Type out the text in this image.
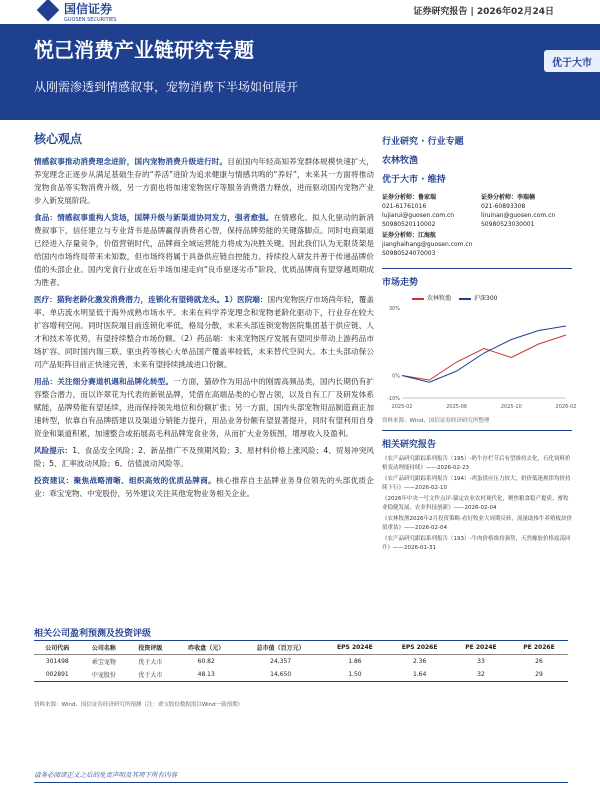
国信证券
GUOSEN SECURITIES
证券研究报告 | 2026年02月24日
悦己消费产业链研究专题
从刚需渗透到情感叙事，宠物消费下半场如何展开
优于大市
核心观点
情感叙事推动消费理念进阶，国内宠物消费升级进行时。目前国内年轻高知养宠群体规模快速扩大，养宠理念正逐步从满足基础生存的“养活”进阶为追求健康与情感共鸣的“养好”，未来其一方面将推动宠物食品等实物消费升级，另一方面也将加速宠物医疗等服务消费潜力释放，进而驱动国内宠物产业步入新发展阶段。
食品：情感叙事重构人货场，国牌升级与新渠道协同发力，强者愈强。在情感化、拟人化驱动的新消费叙事下，信任建立与专业背书是品牌赢得消费者心智，保持品牌势能的关键落脚点。同时电商渠道已经进入存量竞争，价值营销时代，品牌商全域运营能力将成为决胜关键。因此我们认为无限货架是给国内市场终局带来未知数，但市场终将属于具备供应链自控能力、持续投入研发并善于传递品牌价值的头部企业。国内宠食行业或在后半场加速走向“良币驱逐劣币”阶段，优质品牌商有望穿越周期成为胜者。
医疗：猫狗老龄化激发消费潜力，连锁化有望铸就龙头。1）医院端：国内宠物医疗市场尚年轻，覆盖率、单店流水明显低于海外成熟市场水平。未来在科学养宠理念和宠物老龄化驱动下，行业存在较大扩容增利空间。同时医院端目前连锁化率低，格局分散，未来头部连锁宠物医院集团基于供应链、人才和技术等优势，有望持续整合市场份额。（2）药品端：未来宠物医疗发展有望同步带动上游药品市场扩容。同时国内瑞三联、驱虫药等核心大单品国产覆盖率较低，未来替代空间大。本土头部动保公司产品矩阵目前正快速完善，未来有望持续挑战进口份额。
用品：关注细分赛道机遇和品牌化转型。一方面，猫砂作为用品中的刚需高频品类，国内长期仍有扩容整合潜力，而以许翠花为代表的新锐品牌，凭借在高端品类的心智占领，以及自有工厂及研发体系赋能，品牌势能有望延续，进而保持领先地位和份额扩张；另一方面，国内头部宠物用品制造商正加速转型，依靠自有品牌搭建以及渠道分销能力提升，用品业务份额有望显著提升，同时有望利用自身资金和渠道积累，加速整合或拓展高毛利品牌宠食业务，从而扩大业务版图，增厚收入及盈利。
风险提示：1、食品安全风险；2、新品推广不及预期风险；3、原材料价格上涨风险；4、贸易冲突风险；5、汇率波动风险；6、估值波动风险等。
投资建议：聚焦战略清晰、组织高效的优质品牌商。核心推荐自主品牌业务身位领先的头部优质企业：乖宝宠物、中宠股份，另外建议关注其他宠物业务相关企业。
行业研究 · 行业专题
农林牧渔
优于大市 · 维持
证券分析师：鲁家瑞
021-61761016
lujiarui@guosen.com.cn
S0980520110002
证券分析师：李瑞楠
021-60893308
liruinan@guosen.com.cn
S0980523030001
证券分析师：江海航
jianghaihang@guosen.com.cn
S0980524070003
市场走势
农林牧渔	沪深300
-10%
0%
30%
2025-02	2025-06	2025-10	2026-02
资料来源：Wind、国信证券经济研究所整理
相关研究报告
《农产品研究跟踪系列报告（195）-奶牛存栏节后有望维持去化，石化饲料价格变动理能持续》——2026-02-23
《农产品研究跟踪系列报告（194）-鸡蛋供应压力较大，奶价低迷规律均价持续下行》——2026-02-10
《2026年中央一号文件点评-锚定农业农村现代化，聚焦粮食稳产提质、畜牧业稳健发展、农业科技创新》——2026-02-04
《农林牧渔2026年2月投资策略-看好牧业大周期反转，流量助推牛养殖板块价值重估》——2026-02-04
《农产品研究跟踪系列报告（193）-牛肉价格维持强势，天然橡胶价格震荡回升》——2026-01-31
相关公司盈利预测及投资评级
公司代码	公司名称	投资评级	昨收盘（元）	总市值（百万元）	EPS 2024E	EPS 2026E	PE 2024E	PE 2026E
301498	乖宝宠物	优于大市	60.82	24,357	1.86	2.36	33	26
002891	中宠股份	优于大市	48.13	14,650	1.50	1.64	32	29
资料来源：Wind、国信证券经济研究所预测（注：乖宝股份数据需以Wind一致预期）
请务必阅读正文之后的免责声明及其项下所有内容
